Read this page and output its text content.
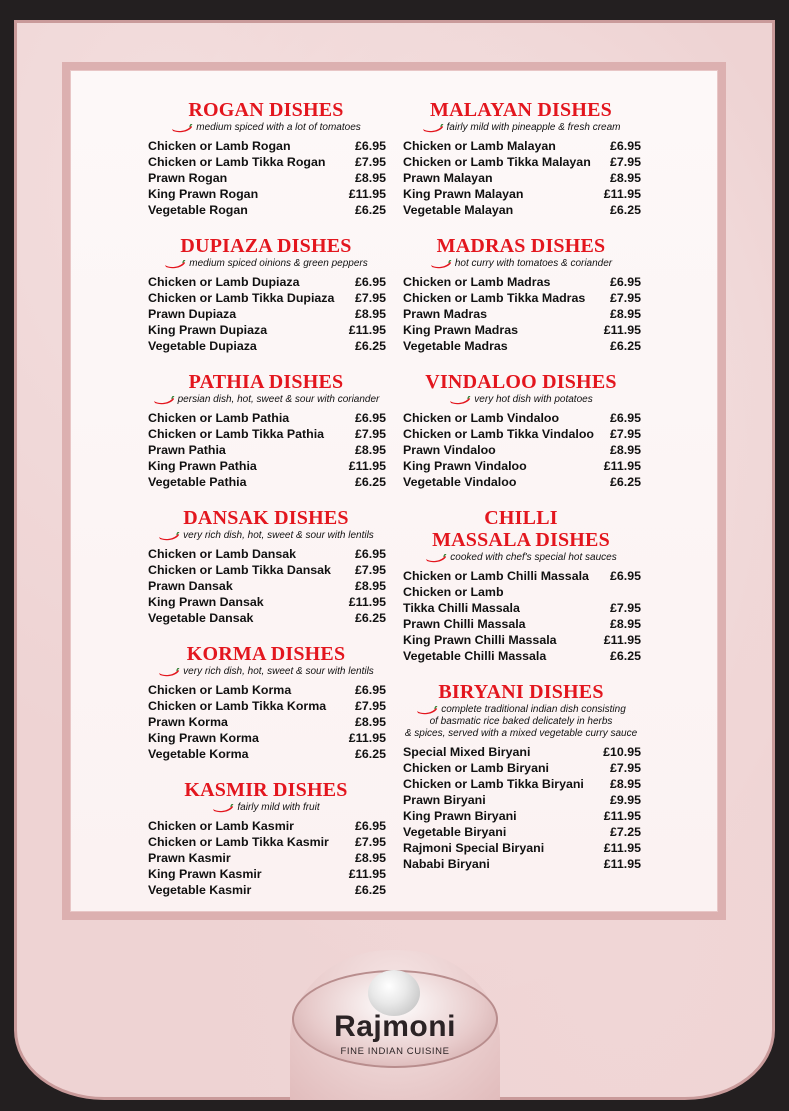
ROGAN DISHES
medium spiced with a lot of tomatoes
Chicken or Lamb Rogan	£6.95
Chicken or Lamb Tikka Rogan £7.95
Prawn Rogan	£8.95
King Prawn Rogan	£11.95
Vegetable Rogan	£6.25
DUPIAZA DISHES
medium spiced oinions & green peppers
Chicken or Lamb Dupiaza	£6.95
Chicken or Lamb Tikka Dupiaza £7.95
Prawn Dupiaza	£8.95
King Prawn Dupiaza	£11.95
Vegetable Dupiaza	£6.25
PATHIA DISHES
persian dish, hot, sweet & sour with coriander
Chicken or Lamb Pathia	£6.95
Chicken or Lamb Tikka Pathia £7.95
Prawn Pathia	£8.95
King Prawn Pathia	£11.95
Vegetable Pathia	£6.25
DANSAK DISHES
very rich dish, hot, sweet & sour with lentils
Chicken or Lamb Dansak	£6.95
Chicken or Lamb Tikka Dansak £7.95
Prawn Dansak	£8.95
King Prawn Dansak	£11.95
Vegetable Dansak	£6.25
KORMA DISHES
very rich dish, hot, sweet & sour with lentils
Chicken or Lamb Korma	£6.95
Chicken or Lamb Tikka Korma £7.95
Prawn Korma	£8.95
King Prawn Korma	£11.95
Vegetable Korma	£6.25
KASMIR DISHES
fairly mild with fruit
Chicken or Lamb Kasmir	£6.95
Chicken or Lamb Tikka Kasmir £7.95
Prawn Kasmir	£8.95
King Prawn Kasmir	£11.95
Vegetable Kasmir	£6.25
MALAYAN DISHES
fairly mild with pineapple & fresh cream
Chicken or Lamb Malayan	£6.95
Chicken or Lamb Tikka Malayan £7.95
Prawn Malayan	£8.95
King Prawn Malayan	£11.95
Vegetable Malayan	£6.25
MADRAS DISHES
hot curry with tomatoes & coriander
Chicken or Lamb Madras	£6.95
Chicken or Lamb Tikka Madras £7.95
Prawn Madras	£8.95
King Prawn Madras	£11.95
Vegetable Madras	£6.25
VINDALOO DISHES
very hot dish with potatoes
Chicken or Lamb Vindaloo	£6.95
Chicken or Lamb Tikka Vindaloo £7.95
Prawn Vindaloo	£8.95
King Prawn Vindaloo	£11.95
Vegetable Vindaloo	£6.25
CHILLI
MASSALA DISHES
cooked with chef's special hot sauces
Chicken or Lamb Chilli Massala £6.95
Chicken or Lamb
Tikka Chilli Massala	£7.95
Prawn Chilli Massala	£8.95
King Prawn Chilli Massala	£11.95
Vegetable Chilli Massala	£6.25
BIRYANI DISHES
complete traditional indian dish consisting
of basmatic rice baked delicately in herbs
& spices, served with a mixed vegetable curry sauce
Special Mixed Biryani	£10.95
Chicken or Lamb Biryani	£7.95
Chicken or Lamb Tikka Biryani £8.95
Prawn Biryani	£9.95
King Prawn Biryani	£11.95
Vegetable Biryani	£7.25
Rajmoni Special Biryani	£11.95
Nababi Biryani	£11.95
Rajmoni
FINE INDIAN CUISINE
